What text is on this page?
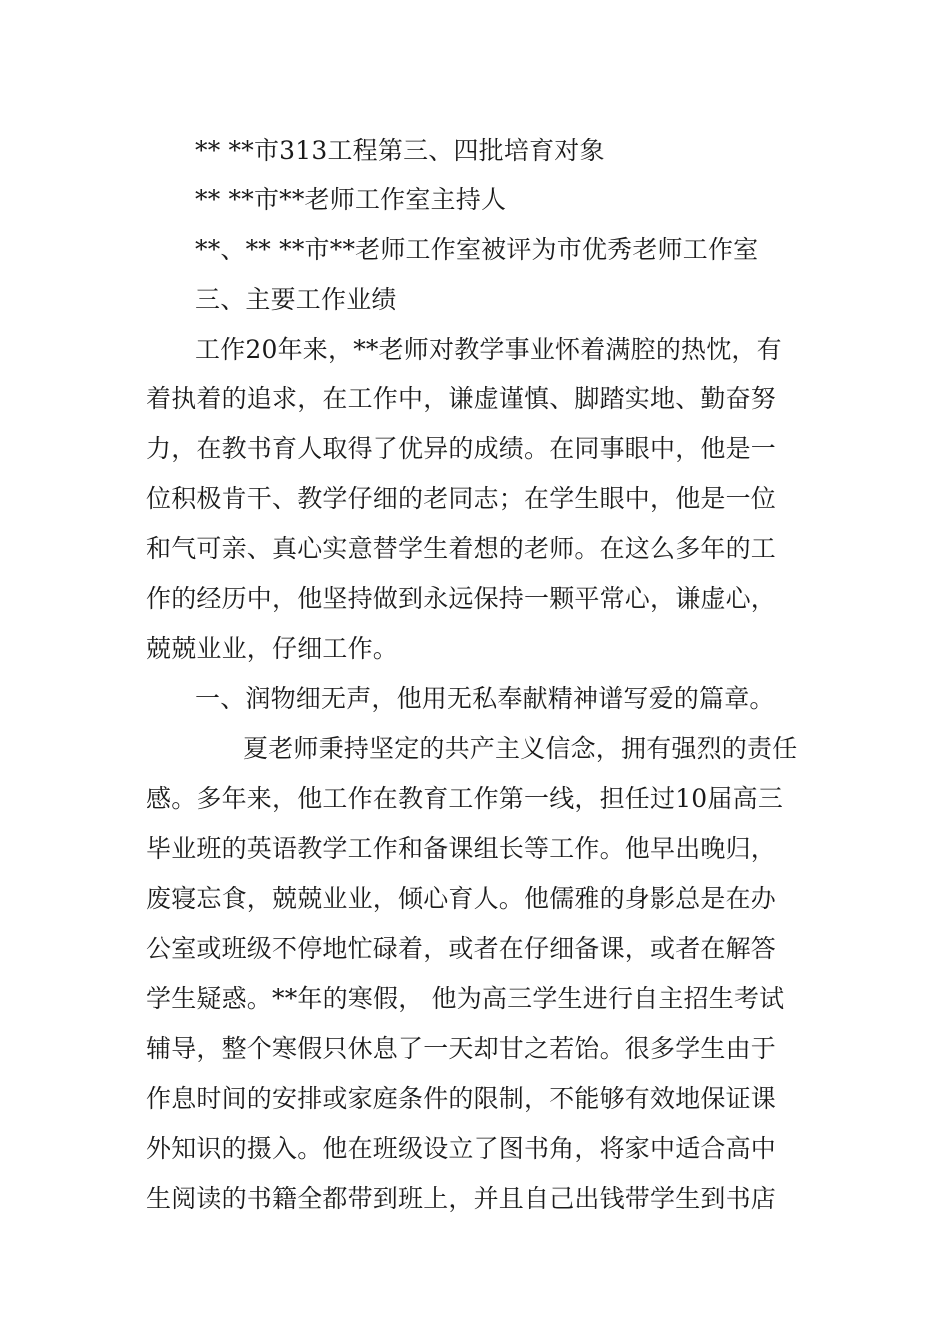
** **市313工程第三、四批培育对象
** **市**老师工作室主持人
**、** **市**老师工作室被评为市优秀老师工作室
三、主要工作业绩
工作20年来，**老师对教学事业怀着满腔的热忱，有
着执着的追求，在工作中，谦虚谨慎、脚踏实地、勤奋努
力，在教书育人取得了优异的成绩。在同事眼中，他是一
位积极肯干、教学仔细的老同志；在学生眼中，他是一位
和气可亲、真心实意替学生着想的老师。在这么多年的工
作的经历中，他坚持做到永远保持一颗平常心，谦虚心，
兢兢业业，仔细工作。
一、润物细无声，他用无私奉献精神谱写爱的篇章。
夏老师秉持坚定的共产主义信念，拥有强烈的责任
感。多年来，他工作在教育工作第一线，担任过10届高三
毕业班的英语教学工作和备课组长等工作。他早出晚归，
废寝忘食，兢兢业业，倾心育人。他儒雅的身影总是在办
公室或班级不停地忙碌着，或者在仔细备课，或者在解答
学生疑惑。**年的寒假， 他为高三学生进行自主招生考试
辅导，整个寒假只休息了一天却甘之若饴。很多学生由于
作息时间的安排或家庭条件的限制，不能够有效地保证课
外知识的摄入。他在班级设立了图书角，将家中适合高中
生阅读的书籍全都带到班上，并且自己出钱带学生到书店
